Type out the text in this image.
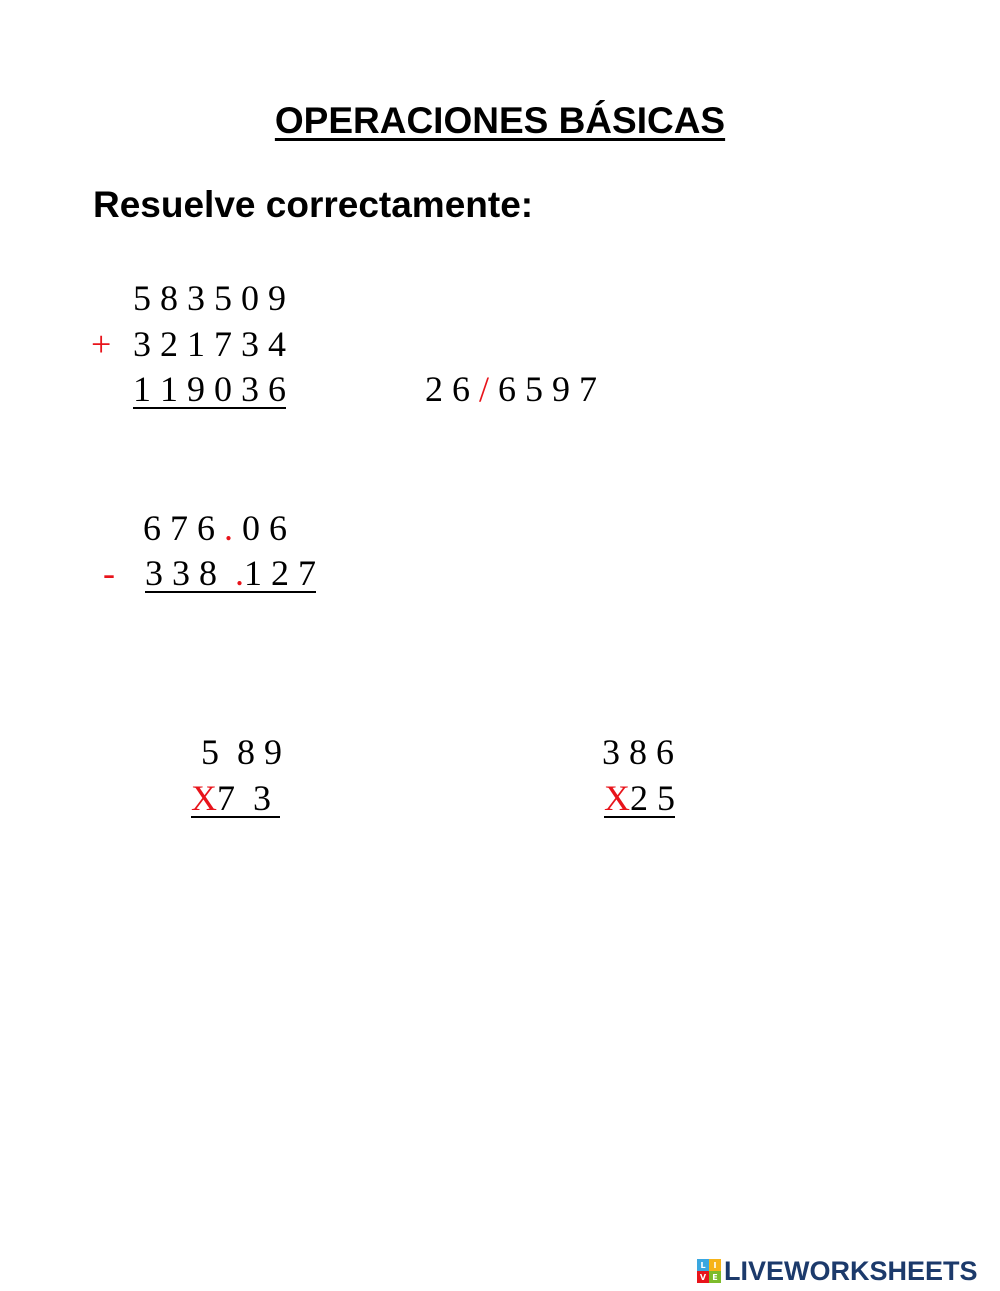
OPERACIONES BÁSICAS
Resuelve correctamente:
5 8 3 5 0 9
+ 3 2 1 7 3 4
1 1 9 0 3 6	2 6 / 6 5 9 7
6 7 6 . 0 6
- 3 3 8 .1 2 7
5  8 9
X7  3
3 8 6
X2 5
L I
V E LIVEWORKSHEETS
